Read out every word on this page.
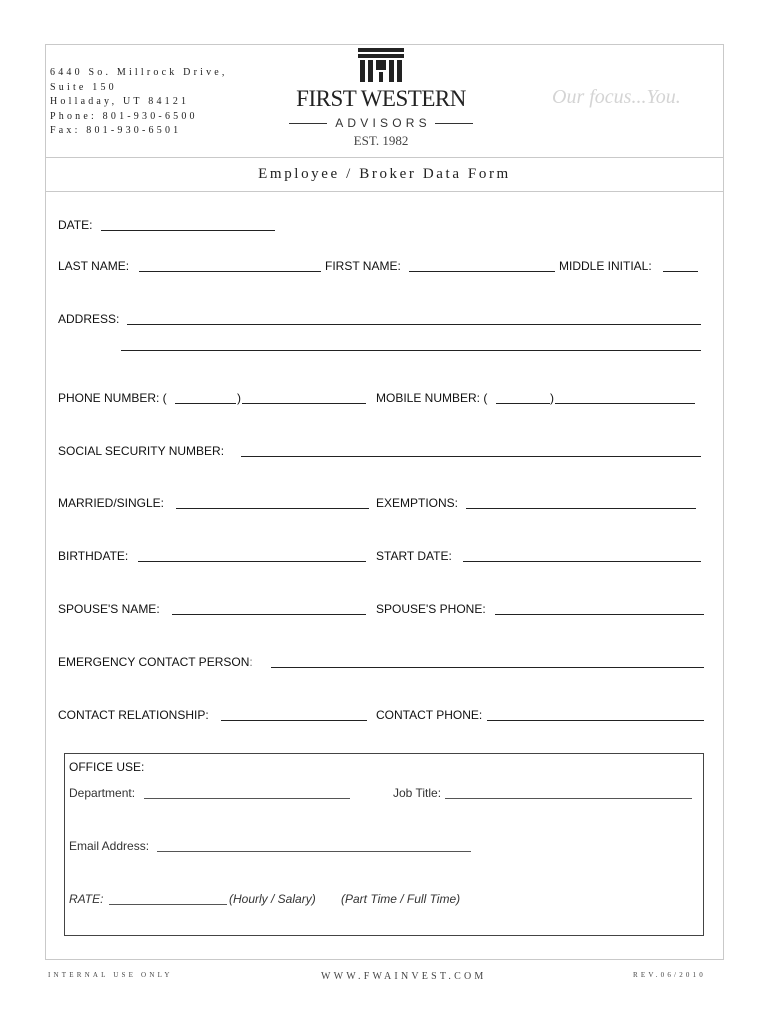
6440 So. Millrock Drive,
Suite 150
Holladay, UT 84121
Phone: 801-930-6500
Fax: 801-930-6501
FIRST WESTERN
ADVISORS
EST. 1982
Our focus...You.
Employee / Broker Data Form
DATE:
LAST NAME:	FIRST NAME:	MIDDLE INITIAL:
ADDRESS:
PHONE NUMBER: (	)	MOBILE NUMBER: (	)
SOCIAL SECURITY NUMBER:
MARRIED/SINGLE:	EXEMPTIONS:
BIRTHDATE:	START DATE:
SPOUSE'S NAME:	SPOUSE'S PHONE:
EMERGENCY CONTACT PERSON:
CONTACT RELATIONSHIP:	CONTACT PHONE:
OFFICE USE:
Department:	Job Title:
Email Address:
RATE:	(Hourly / Salary) (Part Time / Full Time)
INTERNAL USE ONLY	WWW.FWAINVEST.COM	REV.06/2010
